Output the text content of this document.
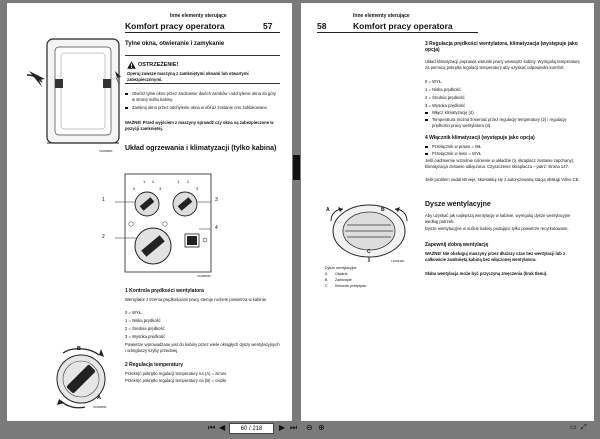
Inne elementy sterujące
Komfort pracy operatora	57
V1009961
Tylne okna, otwieranie i zamykanie
OSTRZEŻENIE!
Operuj zawsze maszyną z zamkniętymi oknami lub otwartymi zabezpieczonymi.
Otwórz tylne okno przez zwolnienie dwóch zamków i odchylenie okna do góry w stronę sufitu kabiny.
Zamknij okno przez odchylenie okna w dół aż zostanie ono zablokowane.
WAŻNE! Przed wyjściem z maszyny sprawdź czy okna są zabezpieczone w pozycji zamkniętej.
Układ ogrzewania i klimatyzacji (tylko kabina)
1
2
3
4
0
1 2
3
1 2
3
V1085059
1 Kontrola prędkości wentylatora
Wentylator z trzema prędkościami pracy steruje ruchem powietrza w kabinie.
0 = WYŁ.
1 = Niska prędkość
2 = Średnia prędkość
3 = Wysoka prędkość
Powietrze wprowadzane jest do kabiny przez wiele okrągłych dyszy wentylacyjnych i odmglaczy szyby przedniej.
2 Regulacja temperatury
Przekręć pokrętło regulacji temperatury na (A) = zimno
Przekręć pokrętło regulacji temperatury na (B) = ciepło
B
A
V1009051
58
Inne elementy sterujące
Komfort pracy operatora
3 Regulacja prędkości wentylatora, klimatyzacja (występuje jako opcja)
Układ klimatyzacji poprawia warunki pracy wewnątrz kabiny. Wyreguluj temperaturę za pomocą pokrętła regulacji temperatury aby uzyskać odpowiedni komfort.
0 = WYŁ.
1 = Niska prędkość
2 = Średnia prędkość
3 = Wysoka prędkość
Włącz klimatyzację (4).
Temperatura można zmieniać przez regulację temperatury (2) i regulację prędkości pracy wentylatora (3).
4 Włącznik klimatyzacji (występuje jako opcja)
Przełącznik w prawo = WŁ
Przełącznik w lewo = WYŁ
Jeśli nadmiernie wzrośnie ciśnienie w układzie (tj. skraplacz zostanie zapchany), klimatyzacja zostanie odłączona. Czyszczenie skraplacza – patrz: strona 147.
Jeśli problem nadal istnieje, skontaktuj się z autoryzowaną stacją obsługi Volvo CE.
A	B
C
L1009150
Dysze wentylacyjne
A Otwarte
B Zamknięte
C Kierunek przepływu
Dysze wentylacyjne
Aby uzyskać jak najlepszą wentylację w kabinie, wyreguluj dysze wentylacyjne według potrzeb.
Dysze wentylacyjne w suficie kabiny podające tylko powietrze recyrkulowane.
Zapewnij dobrą wentylację
WAŻNE! Nie obsługuj maszyny przez dłuższy czas bez wentylacji lub z całkowicie zamkniętą kabiną bez włączonej wentylatora.
Słaba wentylacja może być przyczyną zmęczenia (brak tlenu).
⏮ ◀	60 / 218	▶ ⏭ ⊖ ⊕	▭ ⤢
